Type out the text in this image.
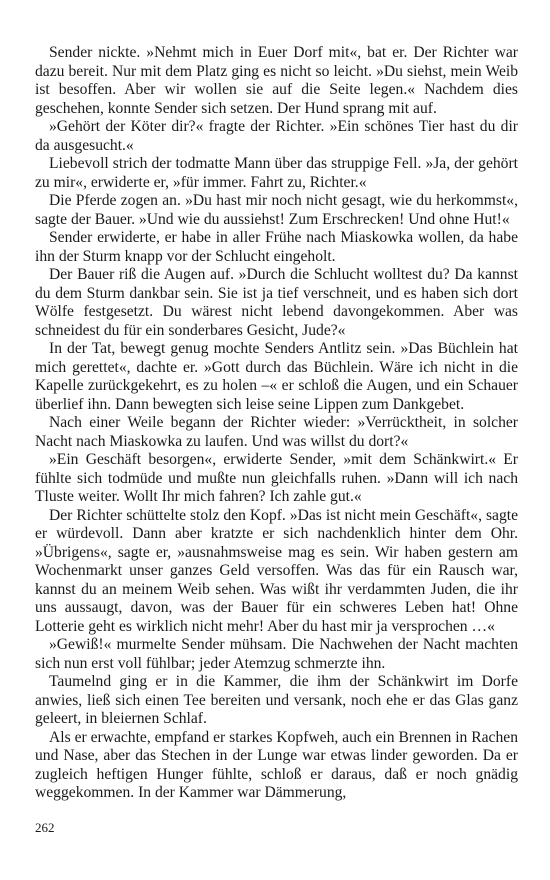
Sender nickte. »Nehmt mich in Euer Dorf mit«, bat er. Der Richter war dazu bereit. Nur mit dem Platz ging es nicht so leicht. »Du siehst, mein Weib ist besoffen. Aber wir wollen sie auf die Seite legen.« Nachdem dies geschehen, konnte Sender sich setzen. Der Hund sprang mit auf.

»Gehört der Köter dir?« fragte der Richter. »Ein schönes Tier hast du dir da ausgesucht.«

Liebevoll strich der todmatte Mann über das struppige Fell. »Ja, der gehört zu mir«, erwiderte er, »für immer. Fahrt zu, Richter.«

Die Pferde zogen an. »Du hast mir noch nicht gesagt, wie du herkommst«, sagte der Bauer. »Und wie du aussiehst! Zum Erschrecken! Und ohne Hut!«

Sender erwiderte, er habe in aller Frühe nach Miaskowka wollen, da habe ihn der Sturm knapp vor der Schlucht eingeholt.

Der Bauer riß die Augen auf. »Durch die Schlucht wolltest du? Da kannst du dem Sturm dankbar sein. Sie ist ja tief verschneit, und es haben sich dort Wölfe festgesetzt. Du wärest nicht lebend davongekommen. Aber was schneidest du für ein sonderbares Gesicht, Jude?«

In der Tat, bewegt genug mochte Senders Antlitz sein. »Das Büchlein hat mich gerettet«, dachte er. »Gott durch das Büchlein. Wäre ich nicht in die Kapelle zurückgekehrt, es zu holen –« er schloß die Augen, und ein Schauer überlief ihn. Dann bewegten sich leise seine Lippen zum Dankgebet.

Nach einer Weile begann der Richter wieder: »Verrücktheit, in solcher Nacht nach Miaskowka zu laufen. Und was willst du dort?«

»Ein Geschäft besorgen«, erwiderte Sender, »mit dem Schänkwirt.« Er fühlte sich todmüde und mußte nun gleichfalls ruhen. »Dann will ich nach Tluste weiter. Wollt Ihr mich fahren? Ich zahle gut.«

Der Richter schüttelte stolz den Kopf. »Das ist nicht mein Geschäft«, sagte er würdevoll. Dann aber kratzte er sich nachdenklich hinter dem Ohr. »Übrigens«, sagte er, »ausnahmsweise mag es sein. Wir haben gestern am Wochenmarkt unser ganzes Geld versoffen. Was das für ein Rausch war, kannst du an meinem Weib sehen. Was wißt ihr verdammten Juden, die ihr uns aussaugt, davon, was der Bauer für ein schweres Leben hat! Ohne Lotterie geht es wirklich nicht mehr! Aber du hast mir ja versprochen …«

»Gewiß!« murmelte Sender mühsam. Die Nachwehen der Nacht machten sich nun erst voll fühlbar; jeder Atemzug schmerzte ihn.

Taumelnd ging er in die Kammer, die ihm der Schänkwirt im Dorfe anwies, ließ sich einen Tee bereiten und versank, noch ehe er das Glas ganz geleert, in bleiernen Schlaf.

Als er erwachte, empfand er starkes Kopfweh, auch ein Brennen in Rachen und Nase, aber das Stechen in der Lunge war etwas linder geworden. Da er zugleich heftigen Hunger fühlte, schloß er daraus, daß er noch gnädig weggekommen. In der Kammer war Dämmerung,

262
